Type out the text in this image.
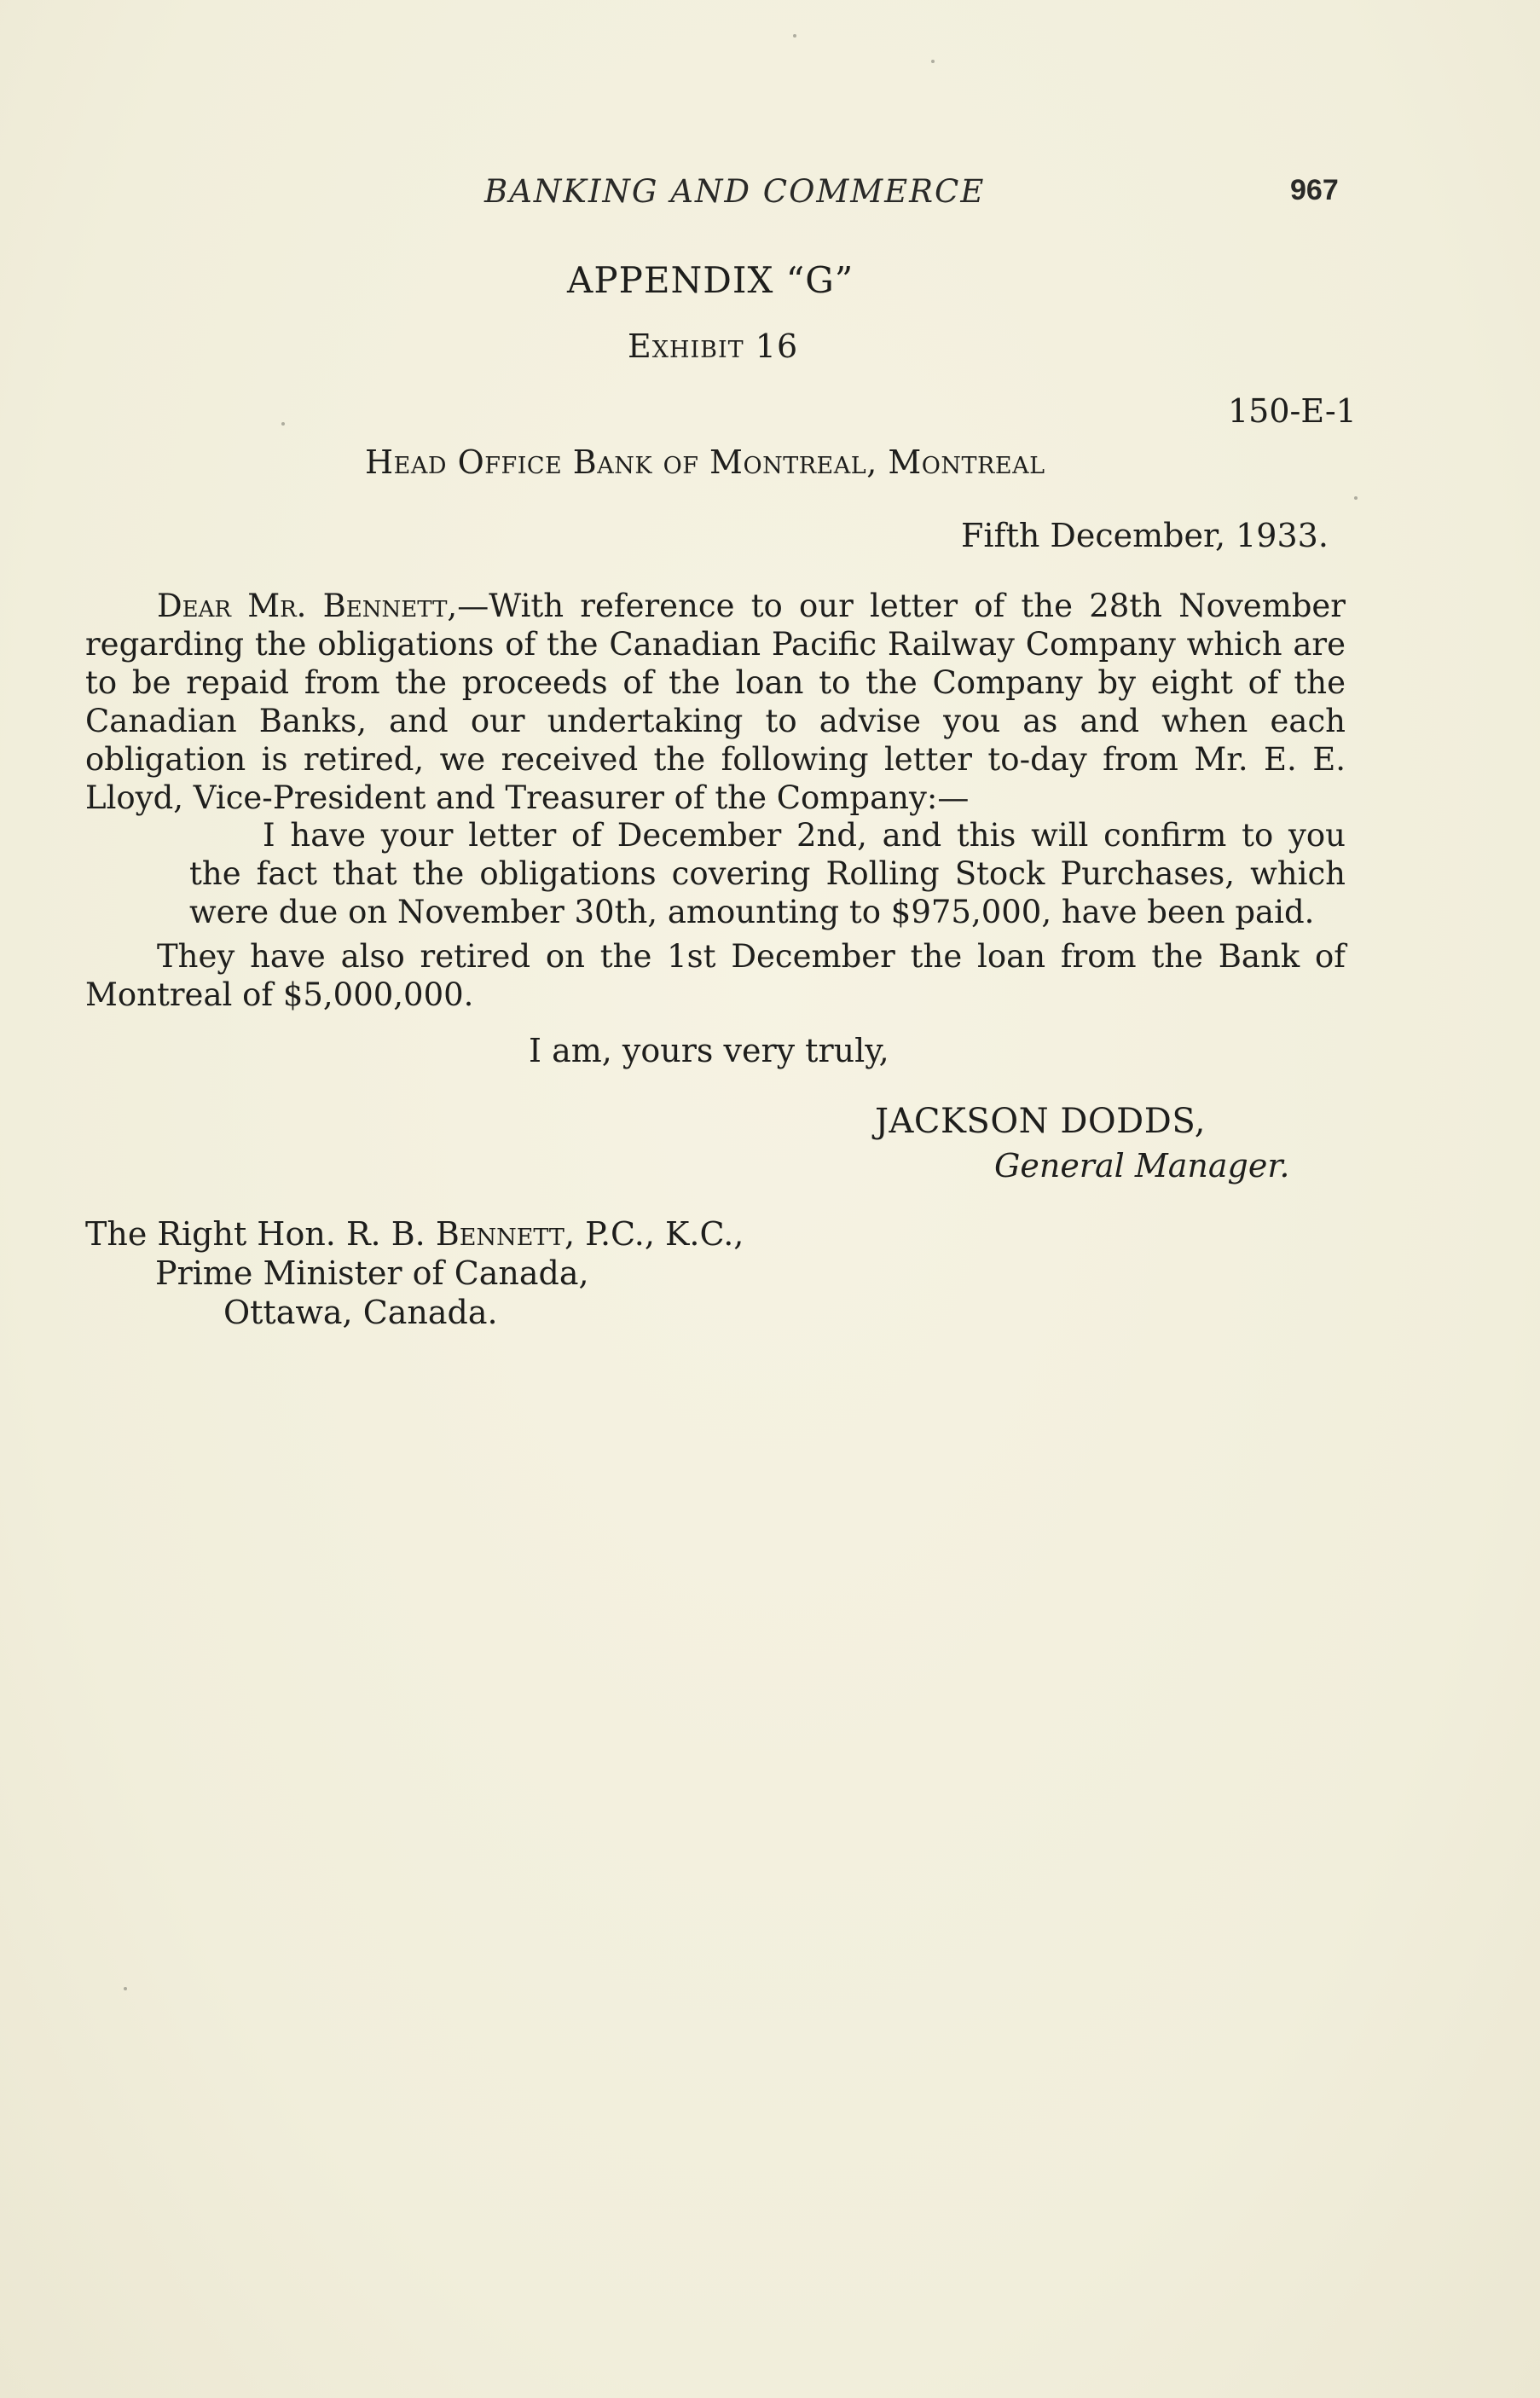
BANKING AND COMMERCE	967
APPENDIX “G”
Exhibit 16
150-E-1
Head Office Bank of Montreal, Montreal
Fifth December, 1933.
Dear Mr. Bennett,—With reference to our letter of the 28th November regarding the obligations of the Canadian Pacific Railway Company which are to be repaid from the proceeds of the loan to the Company by eight of the Canadian Banks, and our undertaking to advise you as and when each obligation is retired, we received the following letter to-day from Mr. E. E. Lloyd, Vice-President and Treasurer of the Company:—
I have your letter of December 2nd, and this will confirm to you the fact that the obligations covering Rolling Stock Purchases, which were due on November 30th, amounting to $975,000, have been paid.
They have also retired on the 1st December the loan from the Bank of Montreal of $5,000,000.
I am, yours very truly,
JACKSON DODDS,
General Manager.
The Right Hon. R. B. Bennett, P.C., K.C.,
Prime Minister of Canada,
Ottawa, Canada.
